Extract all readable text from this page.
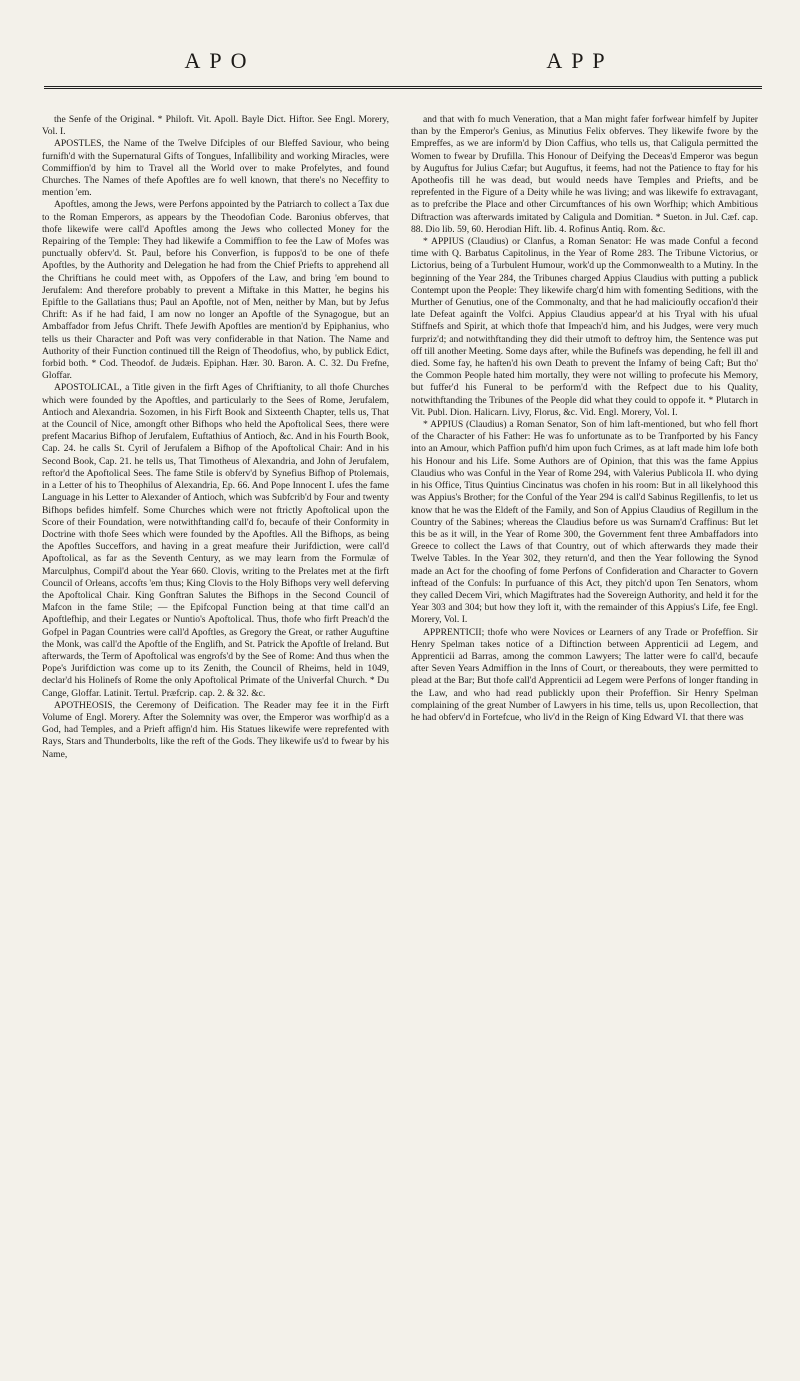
APO	APP

the Senfe of the Original. * Philoft. Vit. Apoll. Bayle Dict. Hiftor. See Engl. Morery, Vol. I.

APOSTLES, the Name of the Twelve Difciples of our Bleffed Saviour, who being furnifh'd with the Supernatural Gifts of Tongues, Infallibility and working Miracles, were Commiffion'd by him to Travel all the World over to make Profelytes, and found Churches. The Names of thefe Apoftles are fo well known, that there's no Neceffity to mention 'em.

Apoftles, among the Jews, were Perfons appointed by the Patriarch to collect a Tax due to the Roman Emperors, as appears by the Theodofian Code. Baronius obferves, that thofe likewife were call'd Apoftles among the Jews who collected Money for the Repairing of the Temple: They had likewife a Commiffion to fee the Law of Mofes was punctually obferv'd. St. Paul, before his Converfion, is fuppos'd to be one of thefe Apoftles, by the Authority and Delegation he had from the Chief Priefts to apprehend all the Chriftians he could meet with, as Oppofers of the Law, and bring 'em bound to Jerufalem: And therefore probably to prevent a Miftake in this Matter, he begins his Epiftle to the Gallatians thus; Paul an Apoftle, not of Men, neither by Man, but by Jefus Chrift: As if he had faid, I am now no longer an Apoftle of the Synagogue, but an Ambaffador from Jefus Chrift. Thefe Jewifh Apoftles are mention'd by Epiphanius, who tells us their Character and Poft was very confiderable in that Nation. The Name and Authority of their Function continued till the Reign of Theodofius, who, by publick Edict, forbid both. * Cod. Theodof. de Judæis. Epiphan. Hær. 30. Baron. A. C. 32. Du Frefne, Gloffar.

APOSTOLICAL, a Title given in the firft Ages of Chriftianity, to all thofe Churches which were founded by the Apoftles, and particularly to the Sees of Rome, Jerufalem, Antioch and Alexandria. Sozomen, in his Firft Book and Sixteenth Chapter, tells us, That at the Council of Nice, amongft other Bifhops who held the Apoftolical Sees, there were prefent Macarius Bifhop of Jerufalem, Euftathius of Antioch, &c. And in his Fourth Book, Cap. 24. he calls St. Cyril of Jerufalem a Bifhop of the Apoftolical Chair: And in his Second Book, Cap. 21. he tells us, That Timotheus of Alexandria, and John of Jerufalem, reftor'd the Apoftolical Sees. The fame Stile is obferv'd by Synefius Bifhop of Ptolemais, in a Letter of his to Theophilus of Alexandria, Ep. 66. And Pope Innocent I. ufes the fame Language in his Letter to Alexander of Antioch, which was Subfcrib'd by Four and twenty Bifhops befides himfelf. Some Churches which were not ftrictly Apoftolical upon the Score of their Foundation, were notwithftanding call'd fo, becaufe of their Conformity in Doctrine with thofe Sees which were founded by the Apoftles. All the Bifhops, as being the Apoftles Succeffors, and having in a great meafure their Jurifdiction, were call'd Apoftolical, as far as the Seventh Century, as we may learn from the Formulæ of Marculphus, Compil'd about the Year 660. Clovis, writing to the Prelates met at the firft Council of Orleans, accofts 'em thus; King Clovis to the Holy Bifhops very well deferving the Apoftolical Chair. King Gonftran Salutes the Bifhops in the Second Council of Mafcon in the fame Stile; — the Epifcopal Function being at that time call'd an Apoftlefhip, and their Legates or Nuntio's Apoftolical. Thus, thofe who firft Preach'd the Gofpel in Pagan Countries were call'd Apoftles, as Gregory the Great, or rather Auguftine the Monk, was call'd the Apoftle of the Englifh, and St. Patrick the Apoftle of Ireland. But afterwards, the Term of Apoftolical was engrofs'd by the See of Rome: And thus when the Pope's Jurifdiction was come up to its Zenith, the Council of Rheims, held in 1049, declar'd his Holinefs of Rome the only Apoftolical Primate of the Univerfal Church. * Du Cange, Gloffar. Latinit. Tertul. Præfcrip. cap. 2. & 32. &c.

APOTHEOSIS, the Ceremony of Deification. The Reader may fee it in the Firft Volume of Engl. Morery. After the Solemnity was over, the Emperor was worfhip'd as a God, had Temples, and a Prieft affign'd him. His Statues likewife were reprefented with Rays, Stars and Thunderbolts, like the reft of the Gods. They likewife us'd to fwear by his Name,

and that with fo much Veneration, that a Man might fafer forfwear himfelf by Jupiter than by the Emperor's Genius, as Minutius Felix obferves. They likewife fwore by the Empreffes, as we are inform'd by Dion Caffius, who tells us, that Caligula permitted the Women to fwear by Drufilla. This Honour of Deifying the Deceas'd Emperor was begun by Auguftus for Julius Cæfar; but Auguftus, it feems, had not the Patience to ftay for his Apotheofis till he was dead, but would needs have Temples and Priefts, and be reprefented in the Figure of a Deity while he was living; and was likewife fo extravagant, as to prefcribe the Place and other Circumftances of his own Worfhip; which Ambitious Diftraction was afterwards imitated by Caligula and Domitian. * Sueton. in Jul. Cæf. cap. 88. Dio lib. 59, 60. Herodian Hift. lib. 4. Rofinus Antiq. Rom. &c.

* APPIUS (Claudius) or Clanfus, a Roman Senator: He was made Conful a fecond time with Q. Barbatus Capitolinus, in the Year of Rome 283. The Tribune Victorius, or Lictorius, being of a Turbulent Humour, work'd up the Commonwealth to a Mutiny. In the beginning of the Year 284, the Tribunes charged Appius Claudius with putting a publick Contempt upon the People: They likewife charg'd him with fomenting Seditions, with the Murther of Genutius, one of the Commonalty, and that he had malicioufly occafion'd their late Defeat againft the Volfci. Appius Claudius appear'd at his Tryal with his ufual Stiffnefs and Spirit, at which thofe that Impeach'd him, and his Judges, were very much furpriz'd; and notwithftanding they did their utmoft to deftroy him, the Sentence was put off till another Meeting. Some days after, while the Bufinefs was depending, he fell ill and died. Some fay, he haften'd his own Death to prevent the Infamy of being Caft; But tho' the Common People hated him mortally, they were not willing to profecute his Memory, but fuffer'd his Funeral to be perform'd with the Refpect due to his Quality, notwithftanding the Tribunes of the People did what they could to oppofe it. * Plutarch in Vit. Publ. Dion. Halicarn. Livy, Florus, &c. Vid. Engl. Morery, Vol. I.

* APPIUS (Claudius) a Roman Senator, Son of him laft-mentioned, but who fell fhort of the Character of his Father: He was fo unfortunate as to be Tranfported by his Fancy into an Amour, which Paffion pufh'd him upon fuch Crimes, as at laft made him lofe both his Honour and his Life. Some Authors are of Opinion, that this was the fame Appius Claudius who was Conful in the Year of Rome 294, with Valerius Publicola II. who dying in his Office, Titus Quintius Cincinatus was chofen in his room: But in all likelyhood this was Appius's Brother; for the Conful of the Year 294 is call'd Sabinus Regillenfis, to let us know that he was the Eldeft of the Family, and Son of Appius Claudius of Regillum in the Country of the Sabines; whereas the Claudius before us was Surnam'd Craffinus: But let this be as it will, in the Year of Rome 300, the Government fent three Ambaffadors into Greece to collect the Laws of that Country, out of which afterwards they made their Twelve Tables. In the Year 302, they return'd, and then the Year following the Synod made an Act for the choofing of fome Perfons of Confideration and Character to Govern inftead of the Confuls: In purfuance of this Act, they pitch'd upon Ten Senators, whom they called Decem Viri, which Magiftrates had the Sovereign Authority, and held it for the Year 303 and 304; but how they loft it, with the remainder of this Appius's Life, fee Engl. Morery, Vol. I.

APPRENTICII; thofe who were Novices or Learners of any Trade or Profeffion. Sir Henry Spelman takes notice of a Diftinction between Apprenticii ad Legem, and Apprenticii ad Barras, among the common Lawyers; The latter were fo call'd, becaufe after Seven Years Admiffion in the Inns of Court, or thereabouts, they were permitted to plead at the Bar; But thofe call'd Apprenticii ad Legem were Perfons of longer ftanding in the Law, and who had read publickly upon their Profeffion. Sir Henry Spelman complaining of the great Number of Lawyers in his time, tells us, upon Recollection, that he had obferv'd in Fortefcue, who liv'd in the Reign of King Edward VI. that there was
